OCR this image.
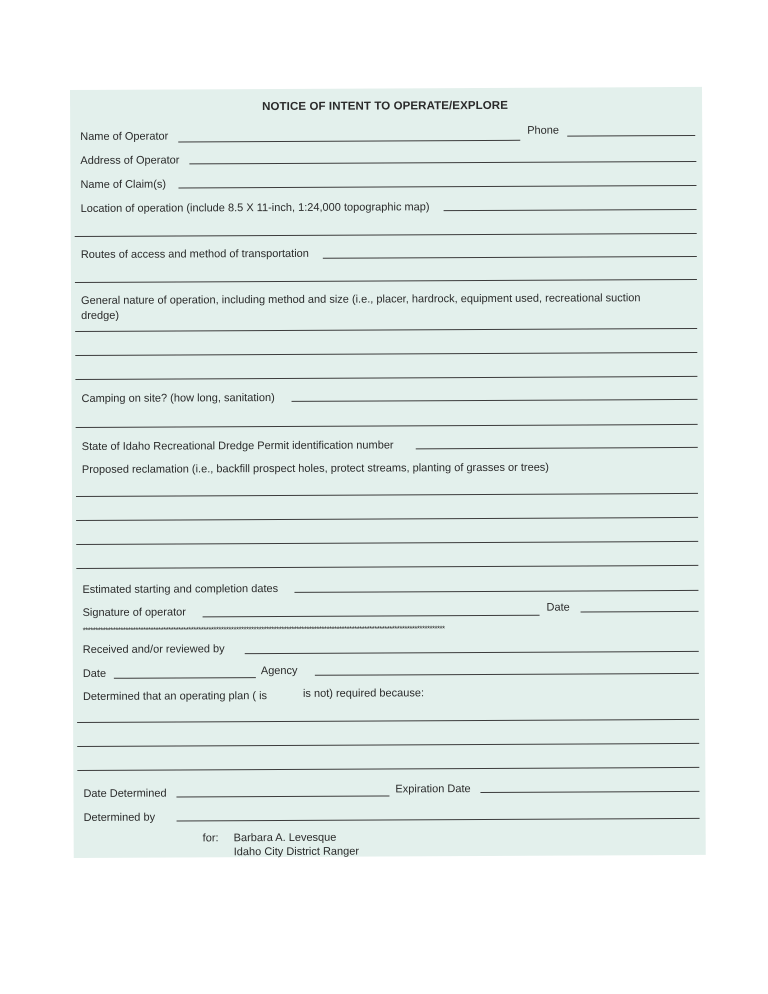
NOTICE OF INTENT TO OPERATE/EXPLORE
Name of Operator	Phone
Address of Operator
Name of Claim(s)
Location of operation (include 8.5 X 11-inch, 1:24,000 topographic map)
Routes of access and method of transportation
General nature of operation, including method and size (i.e., placer, hardrock, equipment used, recreational suction
dredge)
Camping on site? (how long, sanitation)
State of Idaho Recreational Dredge Permit identification number
Proposed reclamation (i.e., backfill prospect holes, protect streams, planting of grasses or trees)
Estimated starting and completion dates
Signature of operator	Date
************************************************************************************************************************************************
Received and/or reviewed by
Date	Agency
Determined that an operating plan ( is	is not) required because:
Date Determined	Expiration Date
Determined by
for: Barbara A. Levesque
Idaho City District Ranger
